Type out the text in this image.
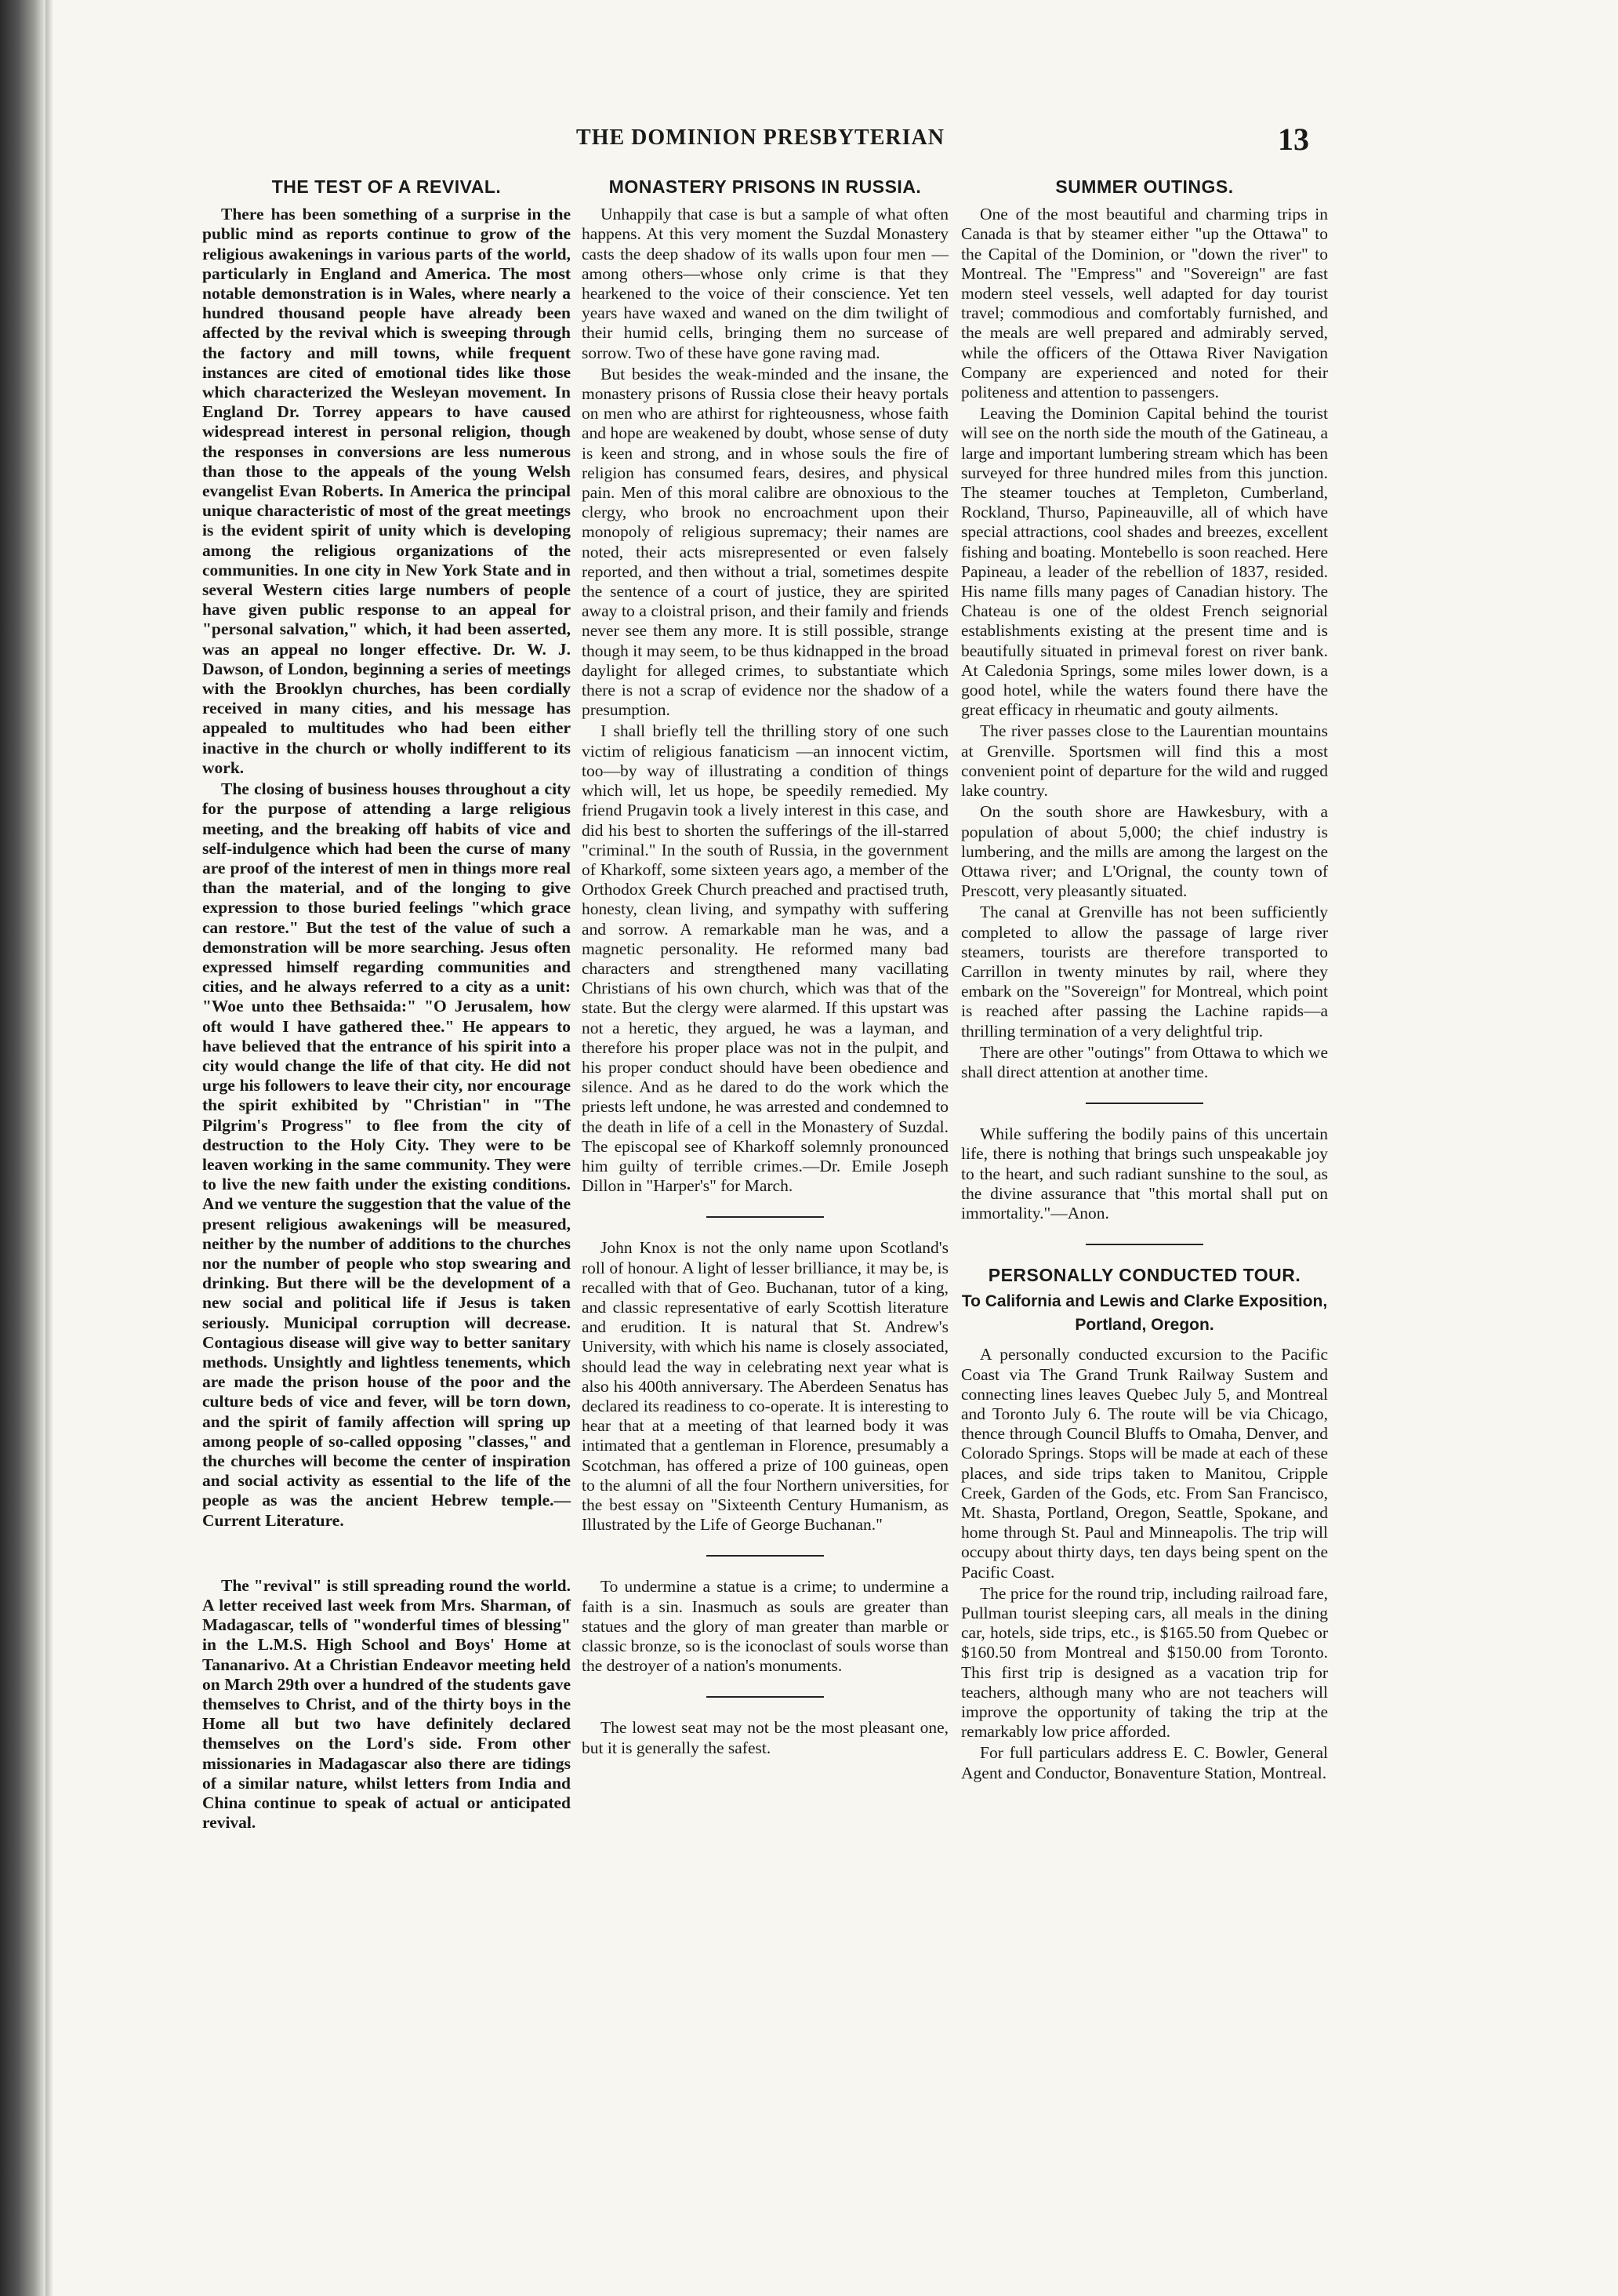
THE DOMINION PRESBYTERIAN	13
THE TEST OF A REVIVAL.

There has been something of a surprise in the public mind as reports continue to grow of the religious awakenings in various parts of the world, particularly in England and America. The most notable demonstration is in Wales, where nearly a hundred thousand people have already been affected by the revival which is sweeping through the factory and mill towns, while frequent instances are cited of emotional tides like those which characterized the Wesleyan movement. In England Dr. Torrey appears to have caused widespread interest in personal religion, though the responses in conversions are less numerous than those to the appeals of the young Welsh evangelist Evan Roberts. In America the principal unique characteristic of most of the great meetings is the evident spirit of unity which is developing among the religious organizations of the communities. In one city in New York State and in several Western cities large numbers of people have given public response to an appeal for "personal salvation," which, it had been asserted, was an appeal no longer effective. Dr. W. J. Dawson, of London, beginning a series of meetings with the Brooklyn churches, has been cordially received in many cities, and his message has appealed to multitudes who had been either inactive in the church or wholly indifferent to its work.

The closing of business houses throughout a city for the purpose of attending a large religious meeting, and the breaking off habits of vice and self-indulgence which had been the curse of many are proof of the interest of men in things more real than the material, and of the longing to give expression to those buried feelings "which grace can restore." But the test of the value of such a demonstration will be more searching. Jesus often expressed himself regarding communities and cities, and he always referred to a city as a unit: "Woe unto thee Bethsaida:" "O Jerusalem, how oft would I have gathered thee." He appears to have believed that the entrance of his spirit into a city would change the life of that city. He did not urge his followers to leave their city, nor encourage the spirit exhibited by "Christian" in "The Pilgrim's Progress" to flee from the city of destruction to the Holy City. They were to be leaven working in the same community. They were to live the new faith under the existing conditions. And we venture the suggestion that the value of the present religious awakenings will be measured, neither by the number of additions to the churches nor the number of people who stop swearing and drinking. But there will be the development of a new social and political life if Jesus is taken seriously. Municipal corruption will decrease. Contagious disease will give way to better sanitary methods. Unsightly and lightless tenements, which are made the prison house of the poor and the culture beds of vice and fever, will be torn down, and the spirit of family affection will spring up among people of so-called opposing "classes," and the churches will become the center of inspiration and social activity as essential to the life of the people as was the ancient Hebrew temple.—Current Literature.

The "revival" is still spreading round the world. A letter received last week from Mrs. Sharman, of Madagascar, tells of "wonderful times of blessing" in the L.M.S. High School and Boys' Home at Tananarivo. At a Christian Endeavor meeting held on March 29th over a hundred of the students gave themselves to Christ, and of the thirty boys in the Home all but two have definitely declared themselves on the Lord's side. From other missionaries in Madagascar also there are tidings of a similar nature, whilst letters from India and China continue to speak of actual or anticipated revival.

MONASTERY PRISONS IN RUSSIA.

Unhappily that case is but a sample of what often happens. At this very moment the Suzdal Monastery casts the deep shadow of its walls upon four men —among others—whose only crime is that they hearkened to the voice of their conscience. Yet ten years have waxed and waned on the dim twilight of their humid cells, bringing them no surcease of sorrow. Two of these have gone raving mad.

But besides the weak-minded and the insane, the monastery prisons of Russia close their heavy portals on men who are athirst for righteousness, whose faith and hope are weakened by doubt, whose sense of duty is keen and strong, and in whose souls the fire of religion has consumed fears, desires, and physical pain. Men of this moral calibre are obnoxious to the clergy, who brook no encroachment upon their monopoly of religious supremacy; their names are noted, their acts misrepresented or even falsely reported, and then without a trial, sometimes despite the sentence of a court of justice, they are spirited away to a cloistral prison, and their family and friends never see them any more. It is still possible, strange though it may seem, to be thus kidnapped in the broad daylight for alleged crimes, to substantiate which there is not a scrap of evidence nor the shadow of a presumption.

I shall briefly tell the thrilling story of one such victim of religious fanaticism —an innocent victim, too—by way of illustrating a condition of things which will, let us hope, be speedily remedied. My friend Prugavin took a lively interest in this case, and did his best to shorten the sufferings of the ill-starred "criminal." In the south of Russia, in the government of Kharkoff, some sixteen years ago, a member of the Orthodox Greek Church preached and practised truth, honesty, clean living, and sympathy with suffering and sorrow. A remarkable man he was, and a magnetic personality. He reformed many bad characters and strengthened many vacillating Christians of his own church, which was that of the state. But the clergy were alarmed. If this upstart was not a heretic, they argued, he was a layman, and therefore his proper place was not in the pulpit, and his proper conduct should have been obedience and silence. And as he dared to do the work which the priests left undone, he was arrested and condemned to the death in life of a cell in the Monastery of Suzdal. The episcopal see of Kharkoff solemnly pronounced him guilty of terrible crimes.—Dr. Emile Joseph Dillon in "Harper's" for March.

John Knox is not the only name upon Scotland's roll of honour. A light of lesser brilliance, it may be, is recalled with that of Geo. Buchanan, tutor of a king, and classic representative of early Scottish literature and erudition. It is natural that St. Andrew's University, with which his name is closely associated, should lead the way in celebrating next year what is also his 400th anniversary. The Aberdeen Senatus has declared its readiness to co-operate. It is interesting to hear that at a meeting of that learned body it was intimated that a gentleman in Florence, presumably a Scotchman, has offered a prize of 100 guineas, open to the alumni of all the four Northern universities, for the best essay on "Sixteenth Century Humanism, as Illustrated by the Life of George Buchanan."

To undermine a statue is a crime; to undermine a faith is a sin. Inasmuch as souls are greater than statues and the glory of man greater than marble or classic bronze, so is the iconoclast of souls worse than the destroyer of a nation's monuments.

The lowest seat may not be the most pleasant one, but it is generally the safest.

SUMMER OUTINGS.

One of the most beautiful and charming trips in Canada is that by steamer either "up the Ottawa" to the Capital of the Dominion, or "down the river" to Montreal. The "Empress" and "Sovereign" are fast modern steel vessels, well adapted for day tourist travel; commodious and comfortably furnished, and the meals are well prepared and admirably served, while the officers of the Ottawa River Navigation Company are experienced and noted for their politeness and attention to passengers.

Leaving the Dominion Capital behind the tourist will see on the north side the mouth of the Gatineau, a large and important lumbering stream which has been surveyed for three hundred miles from this junction. The steamer touches at Templeton, Cumberland, Rockland, Thurso, Papineauville, all of which have special attractions, cool shades and breezes, excellent fishing and boating. Montebello is soon reached. Here Papineau, a leader of the rebellion of 1837, resided. His name fills many pages of Canadian history. The Chateau is one of the oldest French seignorial establishments existing at the present time and is beautifully situated in primeval forest on river bank. At Caledonia Springs, some miles lower down, is a good hotel, while the waters found there have the great efficacy in rheumatic and gouty ailments.

The river passes close to the Laurentian mountains at Grenville. Sportsmen will find this a most convenient point of departure for the wild and rugged lake country.

On the south shore are Hawkesbury, with a population of about 5,000; the chief industry is lumbering, and the mills are among the largest on the Ottawa river; and L'Orignal, the county town of Prescott, very pleasantly situated.

The canal at Grenville has not been sufficiently completed to allow the passage of large river steamers, tourists are therefore transported to Carrillon in twenty minutes by rail, where they embark on the "Sovereign" for Montreal, which point is reached after passing the Lachine rapids—a thrilling termination of a very delightful trip.

There are other "outings" from Ottawa to which we shall direct attention at another time.

While suffering the bodily pains of this uncertain life, there is nothing that brings such unspeakable joy to the heart, and such radiant sunshine to the soul, as the divine assurance that "this mortal shall put on immortality."—Anon.

PERSONALLY CONDUCTED TOUR.
To California and Lewis and Clarke Exposition, Portland, Oregon.

A personally conducted excursion to the Pacific Coast via The Grand Trunk Railway Sustem and connecting lines leaves Quebec July 5, and Montreal and Toronto July 6. The route will be via Chicago, thence through Council Bluffs to Omaha, Denver, and Colorado Springs. Stops will be made at each of these places, and side trips taken to Manitou, Cripple Creek, Garden of the Gods, etc. From San Francisco, Mt. Shasta, Portland, Oregon, Seattle, Spokane, and home through St. Paul and Minneapolis. The trip will occupy about thirty days, ten days being spent on the Pacific Coast.

The price for the round trip, including railroad fare, Pullman tourist sleeping cars, all meals in the dining car, hotels, side trips, etc., is $165.50 from Quebec or $160.50 from Montreal and $150.00 from Toronto. This first trip is designed as a vacation trip for teachers, although many who are not teachers will improve the opportunity of taking the trip at the remarkably low price afforded.

For full particulars address E. C. Bowler, General Agent and Conductor, Bonaventure Station, Montreal.
